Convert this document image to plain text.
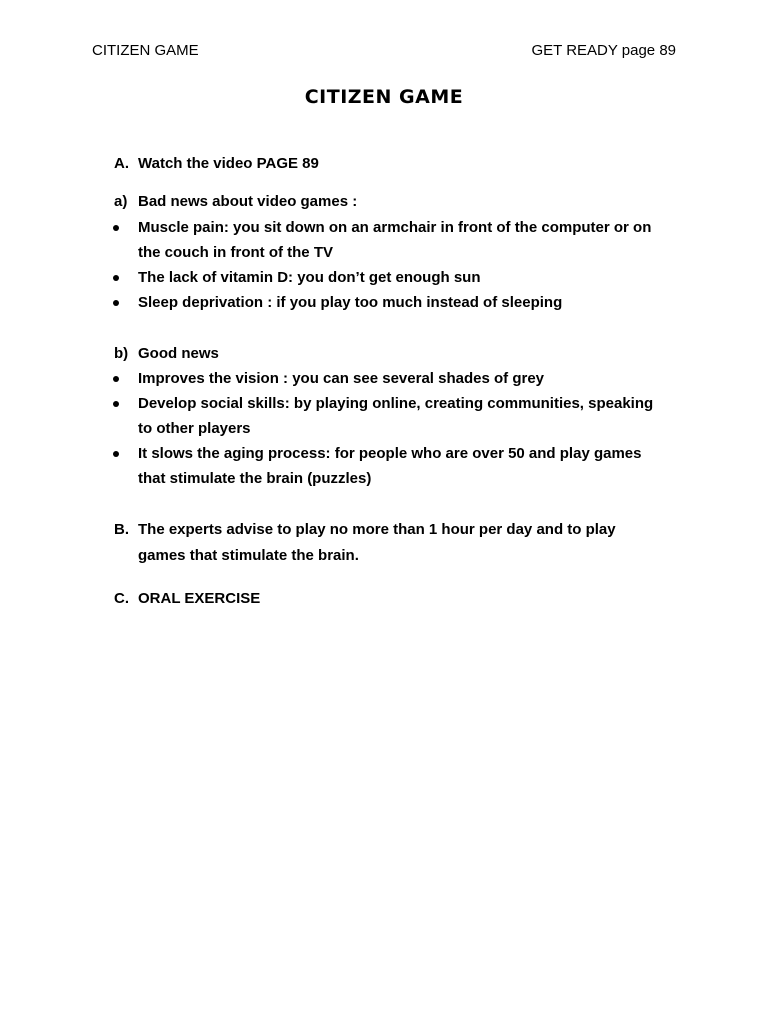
CITIZEN GAME	GET READY page 89
CITIZEN GAME
A. Watch the video PAGE 89
a) Bad news about video games :
Muscle pain: you sit down on an armchair in front of the computer or on
the couch in front of the TV
The lack of vitamin D: you don’t get enough sun
Sleep deprivation : if you play too much instead of sleeping
b) Good news
Improves the vision : you can see several shades of grey
Develop social skills: by playing online, creating communities, speaking
to other players
It slows the aging process: for people who are over 50 and play games
that stimulate the brain (puzzles)
B. The experts advise to play no more than 1 hour per day and to play
games that stimulate the brain.
C. ORAL EXERCISE
